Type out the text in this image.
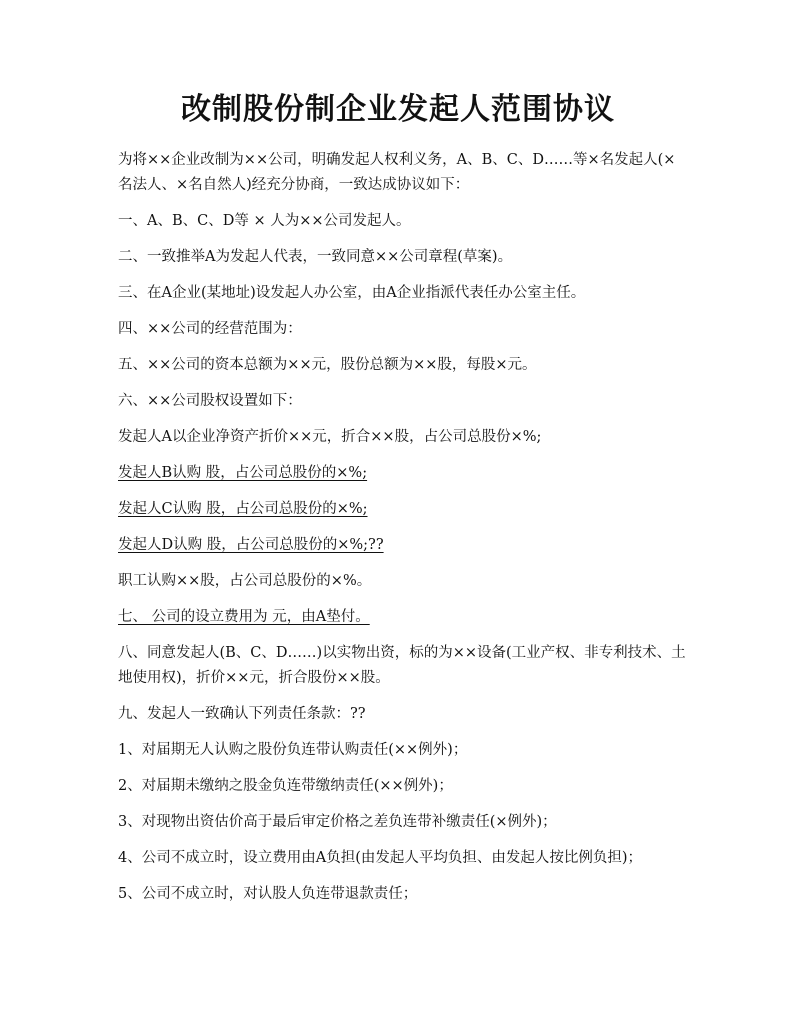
改制股份制企业发起人范围协议

为将××企业改制为××公司，明确发起人权利义务，A、B、C、D……等×名发起人(×名法人、×名自然人)经充分协商，一致达成协议如下：

一、A、B、C、D等 × 人为××公司发起人。

二、一致推举A为发起人代表，一致同意××公司章程(草案)。

三、在A企业(某地址)设发起人办公室，由A企业指派代表任办公室主任。

四、××公司的经营范围为：

五、××公司的资本总额为××元，股份总额为××股，每股×元。

六、××公司股权设置如下：

发起人A以企业净资产折价××元，折合××股，占公司总股份×%;

发起人B认购 股，占公司总股份的×%;

发起人C认购 股，占公司总股份的×%;

发起人D认购 股，占公司总股份的×%;??

职工认购××股，占公司总股份的×%。

七、 公司的设立费用为 元，由A垫付。

八、同意发起人(B、C、D……)以实物出资，标的为××设备(工业产权、非专利技术、土地使用权)，折价××元，折合股份××股。

九、发起人一致确认下列责任条款：??

1、对届期无人认购之股份负连带认购责任(××例外)；

2、对届期未缴纳之股金负连带缴纳责任(××例外)；

3、对现物出资估价高于最后审定价格之差负连带补缴责任(×例外)；

4、公司不成立时，设立费用由A负担(由发起人平均负担、由发起人按比例负担)；

5、公司不成立时，对认股人负连带退款责任；
